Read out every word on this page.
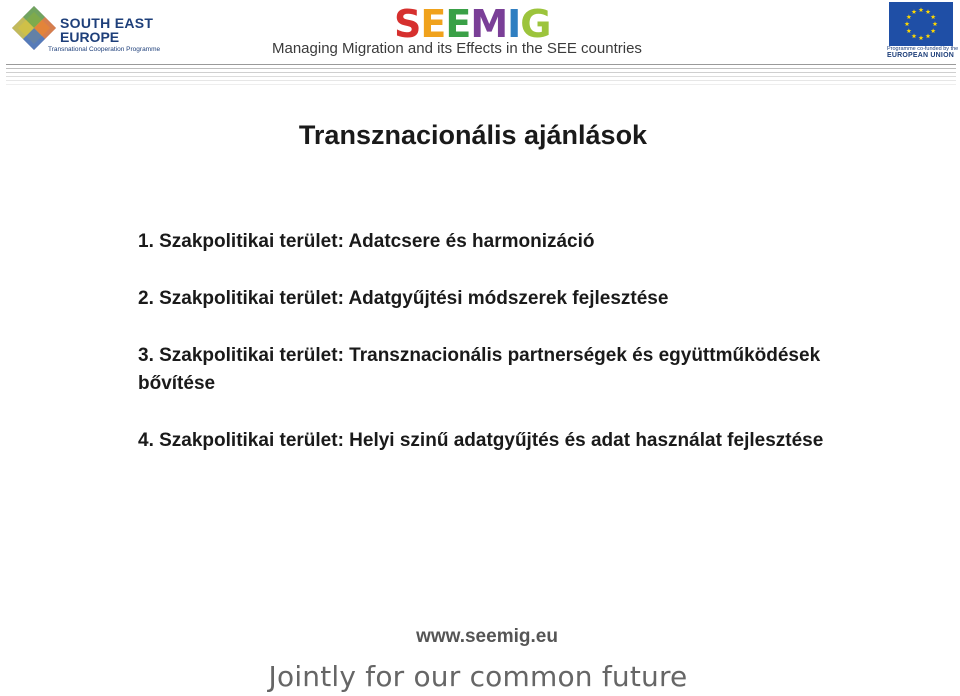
SOUTH EAST
EUROPE
Transnational Cooperation Programme
SEEMIG
Managing Migration and its Effects in the SEE countries	Programme co-funded by the
EUROPEAN UNION
Transznacionális ajánlások

1. Szakpolitikai terület: Adatcsere és harmonizáció

2. Szakpolitikai terület: Adatgyűjtési módszerek fejlesztése

3. Szakpolitikai terület: Transznacionális partnerségek és együttműködések bővítése

4. Szakpolitikai terület: Helyi szinű adatgyűjtés és adat használat fejlesztése

www.seemig.eu
Jointly for our common future
